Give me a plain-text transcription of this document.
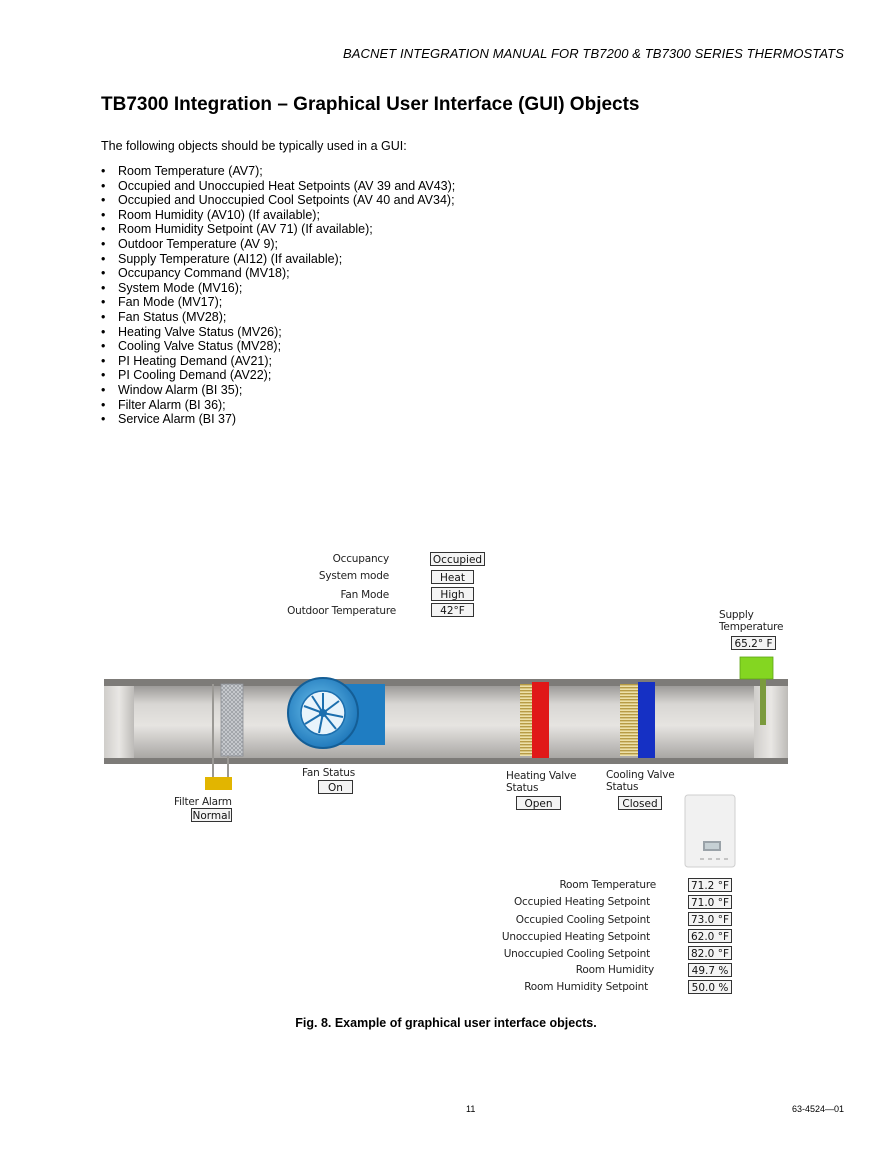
BACNET INTEGRATION MANUAL FOR TB7200 & TB7300 SERIES THERMOSTATS
TB7300 Integration – Graphical User Interface (GUI) Objects
The following objects should be typically used in a GUI:
• Room Temperature (AV7);
• Occupied and Unoccupied Heat Setpoints (AV 39 and AV43);
• Occupied and Unoccupied Cool Setpoints (AV 40 and AV34);
• Room Humidity (AV10) (If available);
• Room Humidity Setpoint (AV 71) (If available);
• Outdoor Temperature (AV 9);
• Supply Temperature (AI12) (If available);
• Occupancy Command (MV18);
• System Mode (MV16);
• Fan Mode (MV17);
• Fan Status (MV28);
• Heating Valve Status (MV26);
• Cooling Valve Status (MV28);
• PI Heating Demand (AV21);
• PI Cooling Demand (AV22);
• Window Alarm (BI 35);
• Filter Alarm (BI 36);
• Service Alarm (BI 37)
Occupancy	Occupied
System mode	Heat
Fan Mode	High
Outdoor Temperature	42°F	Supply
Temperature
65.2° F
Fan Status
On
Filter Alarm
Normal
Heating Valve
Status
Open
Cooling Valve
Status
Closed
Room Temperature	71.2 °F
Occupied Heating Setpoint	71.0 °F
Occupied Cooling Setpoint	73.0 °F
Unoccupied Heating Setpoint	62.0 °F
Unoccupied Cooling Setpoint	82.0 °F
Room Humidity	49.7 %
Room Humidity Setpoint	50.0 %
Fig. 8. Example of graphical user interface objects.
11	63-4524—01
